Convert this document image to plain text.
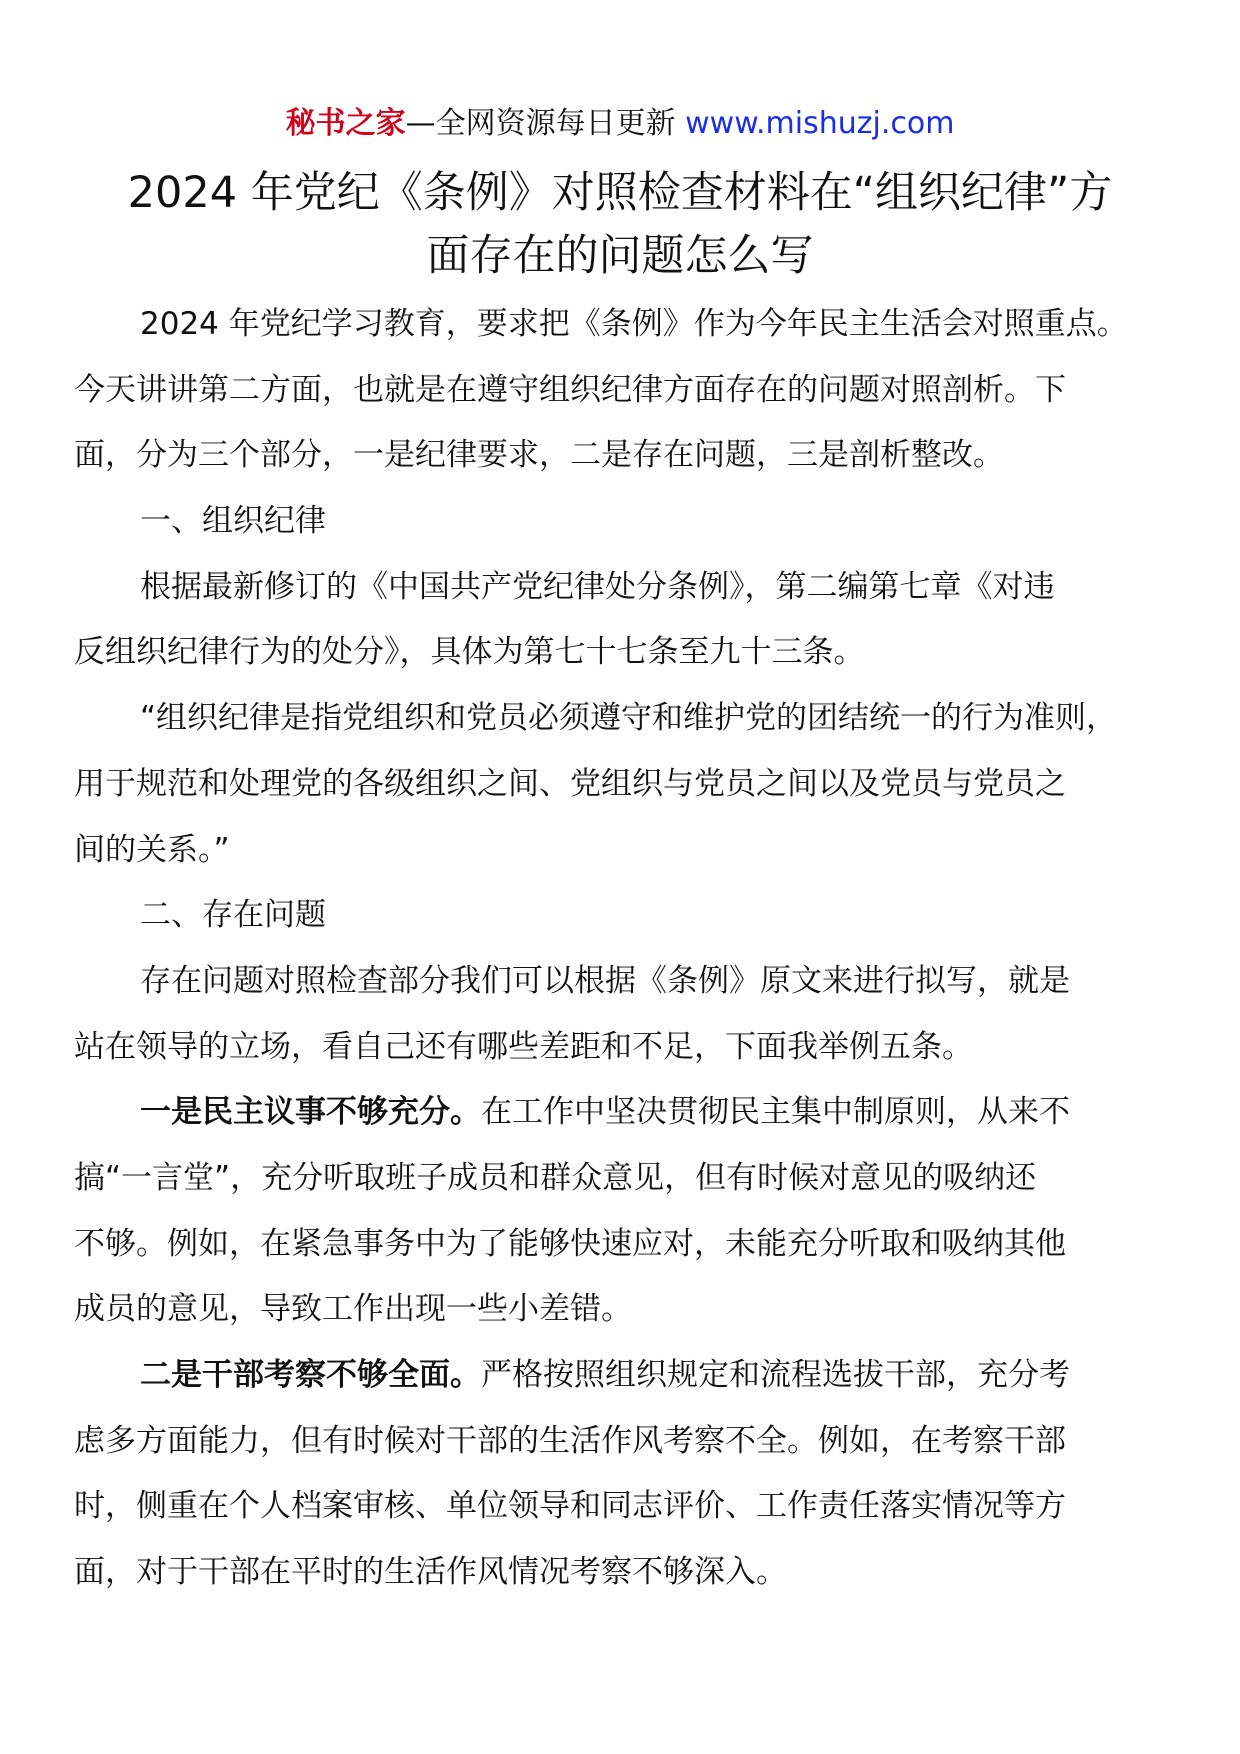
秘书之家—全网资源每日更新 www.mishuzj.com
2024 年党纪《条例》对照检查材料在“组织纪律”方
面存在的问题怎么写
2024 年党纪学习教育，要求把《条例》作为今年民主生活会对照重点。
今天讲讲第二方面，也就是在遵守组织纪律方面存在的问题对照剖析。下
面，分为三个部分，一是纪律要求，二是存在问题，三是剖析整改。
一、组织纪律
根据最新修订的《中国共产党纪律处分条例》，第二编第七章《对违
反组织纪律行为的处分》，具体为第七十七条至九十三条。
“组织纪律是指党组织和党员必须遵守和维护党的团结统一的行为准则，
用于规范和处理党的各级组织之间、党组织与党员之间以及党员与党员之
间的关系。”
二、存在问题
存在问题对照检查部分我们可以根据《条例》原文来进行拟写，就是
站在领导的立场，看自己还有哪些差距和不足，下面我举例五条。
一是民主议事不够充分。在工作中坚决贯彻民主集中制原则，从来不
搞“一言堂”，充分听取班子成员和群众意见，但有时候对意见的吸纳还
不够。例如，在紧急事务中为了能够快速应对，未能充分听取和吸纳其他
成员的意见，导致工作出现一些小差错。
二是干部考察不够全面。严格按照组织规定和流程选拔干部，充分考
虑多方面能力，但有时候对干部的生活作风考察不全。例如，在考察干部
时，侧重在个人档案审核、单位领导和同志评价、工作责任落实情况等方
面，对于干部在平时的生活作风情况考察不够深入。
